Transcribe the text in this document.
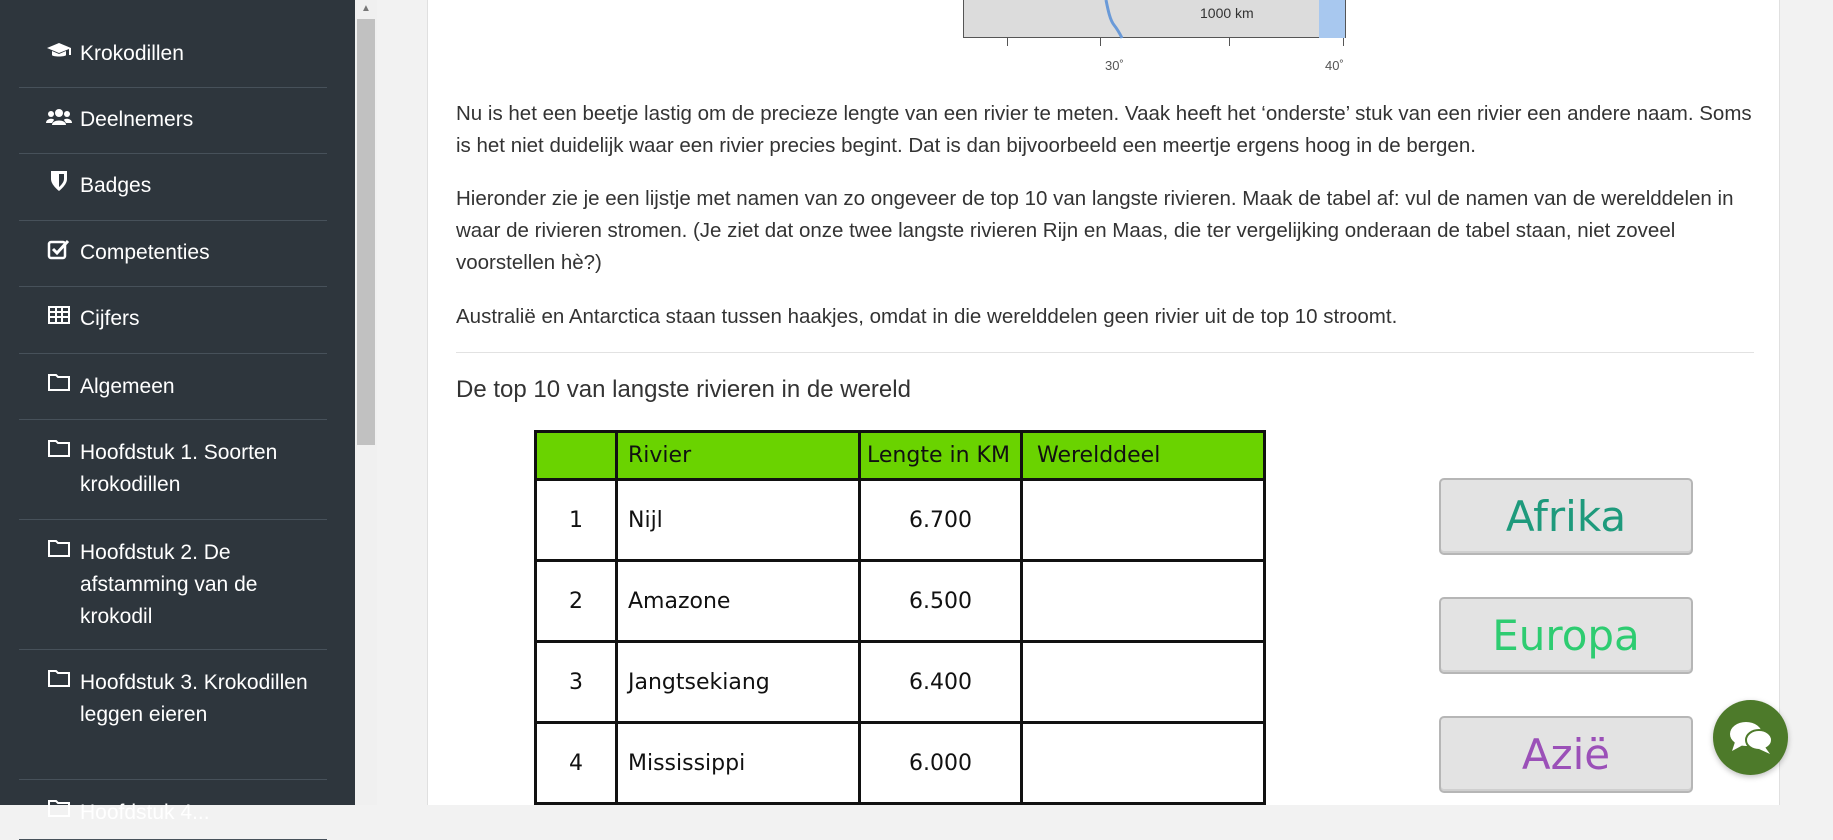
Krokodillen
Deelnemers
Badges
Competenties
Cijfers
Algemeen
Hoofdstuk 1. Soorten krokodillen
Hoofdstuk 2. De afstamming van de krokodil
Hoofdstuk 3. Krokodillen leggen eieren
Hoofdstuk 4...
▲	1000 km
30˚	40˚

Nu is het een beetje lastig om de precieze lengte van een rivier te meten. Vaak heeft het ‘onderste’ stuk van een rivier een andere naam. Soms is het niet duidelijk waar een rivier precies begint. Dat is dan bijvoorbeeld een meertje ergens hoog in de bergen.

Hieronder zie je een lijstje met namen van zo ongeveer de top 10 van langste rivieren. Maak de tabel af: vul de namen van de werelddelen in waar de rivieren stromen. (Je ziet dat onze twee langste rivieren Rijn en Maas, die ter vergelijking onderaan de tabel staan, niet zoveel voorstellen hè?)

Australië en Antarctica staan tussen haakjes, omdat in die werelddelen geen rivier uit de top 10 stroomt.

De top 10 van langste rivieren in de wereld
	Rivier	Lengte in KM	Werelddeel
1	Nijl	6.700	
2	Amazone	6.500	
3	Jangtsekiang	6.400	
4	Mississippi	6.000	
Afrika
Europa
Azië
